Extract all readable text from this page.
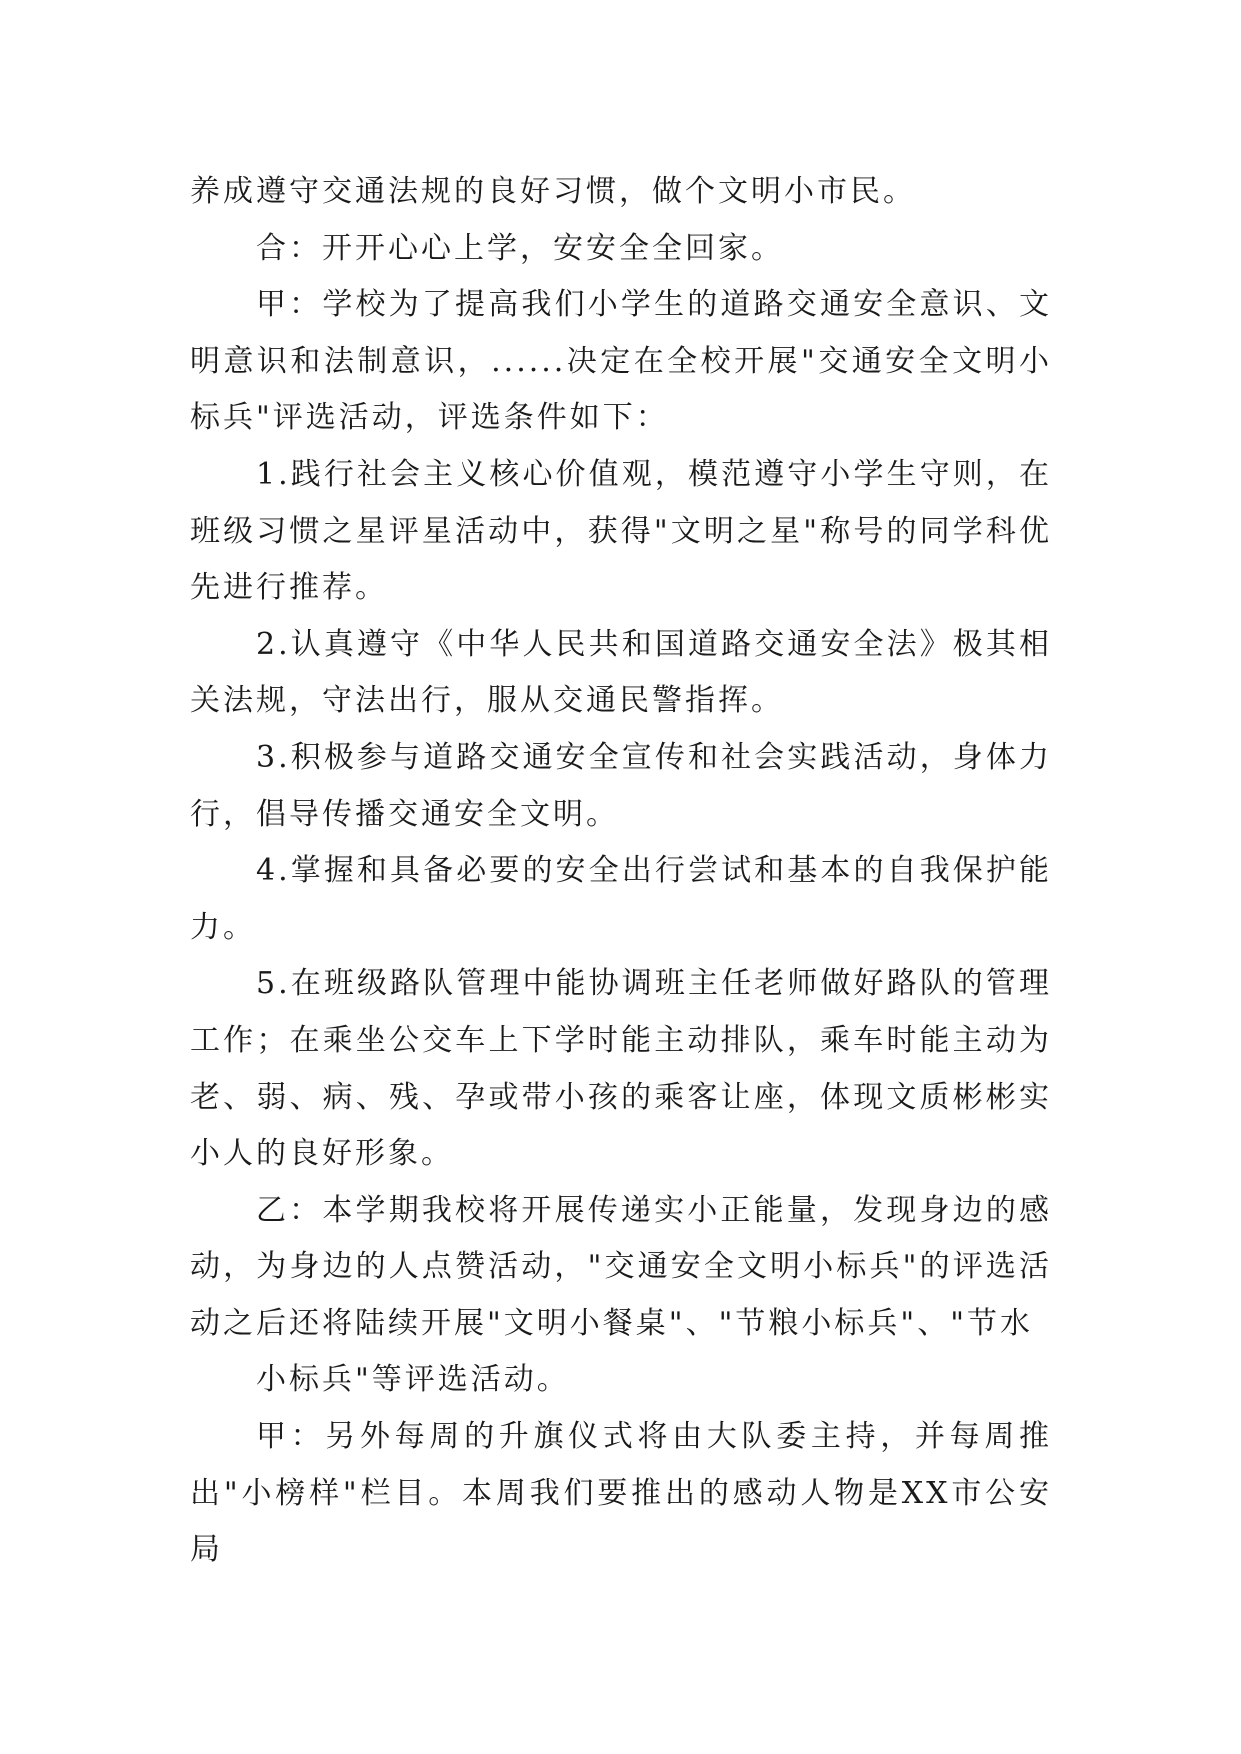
养成遵守交通法规的良好习惯，做个文明小市民。

合：开开心心上学，安安全全回家。

甲：学校为了提高我们小学生的道路交通安全意识、文明意识和法制意识，......决定在全校开展"交通安全文明小标兵"评选活动，评选条件如下：

1.践行社会主义核心价值观，模范遵守小学生守则，在班级习惯之星评星活动中，获得"文明之星"称号的同学科优先进行推荐。

2.认真遵守《中华人民共和国道路交通安全法》极其相关法规，守法出行，服从交通民警指挥。

3.积极参与道路交通安全宣传和社会实践活动，身体力行，倡导传播交通安全文明。

4.掌握和具备必要的安全出行尝试和基本的自我保护能力。

5.在班级路队管理中能协调班主任老师做好路队的管理工作；在乘坐公交车上下学时能主动排队，乘车时能主动为老、弱、病、残、孕或带小孩的乘客让座，体现文质彬彬实小人的良好形象。

乙：本学期我校将开展传递实小正能量，发现身边的感动，为身边的人点赞活动，"交通安全文明小标兵"的评选活动之后还将陆续开展"文明小餐桌"、"节粮小标兵"、"节水

小标兵"等评选活动。

甲：另外每周的升旗仪式将由大队委主持，并每周推出"小榜样"栏目。本周我们要推出的感动人物是XX市公安局
